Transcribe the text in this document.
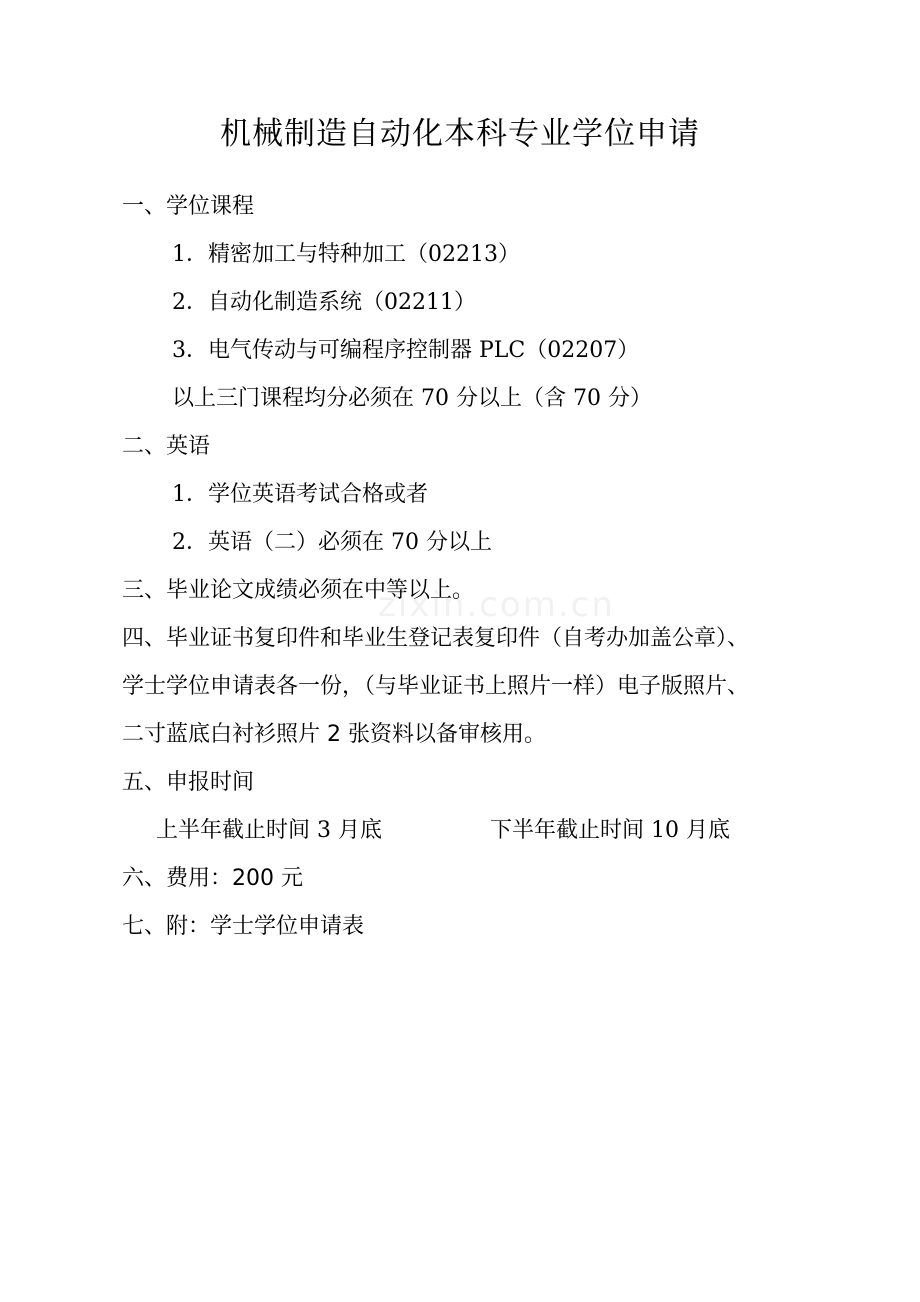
机械制造自动化本科专业学位申请
一、学位课程
1．精密加工与特种加工（02213）
2．自动化制造系统（02211）
3．电气传动与可编程序控制器 PLC（02207）
以上三门课程均分必须在 70 分以上（含 70 分）
二、英语
1．学位英语考试合格或者
2．英语（二）必须在 70 分以上
三、毕业论文成绩必须在中等以上。
zixin.com.cn
四、毕业证书复印件和毕业生登记表复印件（自考办加盖公章）、
学士学位申请表各一份，（与毕业证书上照片一样）电子版照片、
二寸蓝底白衬衫照片 2 张资料以备审核用。
五、申报时间
上半年截止时间 3 月底	下半年截止时间 10 月底
六、费用：200 元
七、附：学士学位申请表
